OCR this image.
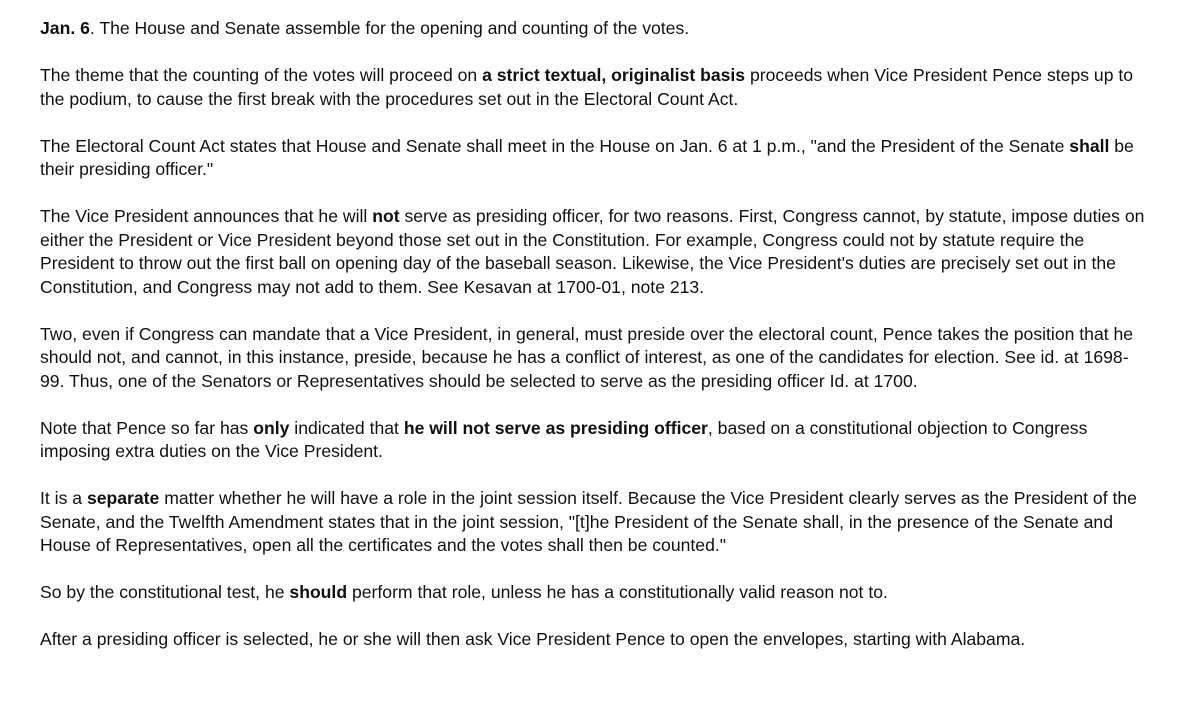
Jan. 6. The House and Senate assemble for the opening and counting of the votes.

The theme that the counting of the votes will proceed on a strict textual, originalist basis proceeds when Vice President Pence steps up to the podium, to cause the first break with the procedures set out in the Electoral Count Act.

The Electoral Count Act states that House and Senate shall meet in the House on Jan. 6 at 1 p.m., "and the President of the Senate shall be their presiding officer."

The Vice President announces that he will not serve as presiding officer, for two reasons. First, Congress cannot, by statute, impose duties on either the President or Vice President beyond those set out in the Constitution. For example, Congress could not by statute require the President to throw out the first ball on opening day of the baseball season. Likewise, the Vice President's duties are precisely set out in the Constitution, and Congress may not add to them. See Kesavan at 1700-01, note 213.

Two, even if Congress can mandate that a Vice President, in general, must preside over the electoral count, Pence takes the position that he should not, and cannot, in this instance, preside, because he has a conflict of interest, as one of the candidates for election. See id. at 1698-99. Thus, one of the Senators or Representatives should be selected to serve as the presiding officer Id. at 1700.

Note that Pence so far has only indicated that he will not serve as presiding officer, based on a constitutional objection to Congress imposing extra duties on the Vice President.

It is a separate matter whether he will have a role in the joint session itself. Because the Vice President clearly serves as the President of the Senate, and the Twelfth Amendment states that in the joint session, "[t]he President of the Senate shall, in the presence of the Senate and House of Representatives, open all the certificates and the votes shall then be counted."

So by the constitutional test, he should perform that role, unless he has a constitutionally valid reason not to.

After a presiding officer is selected, he or she will then ask Vice President Pence to open the envelopes, starting with Alabama.
